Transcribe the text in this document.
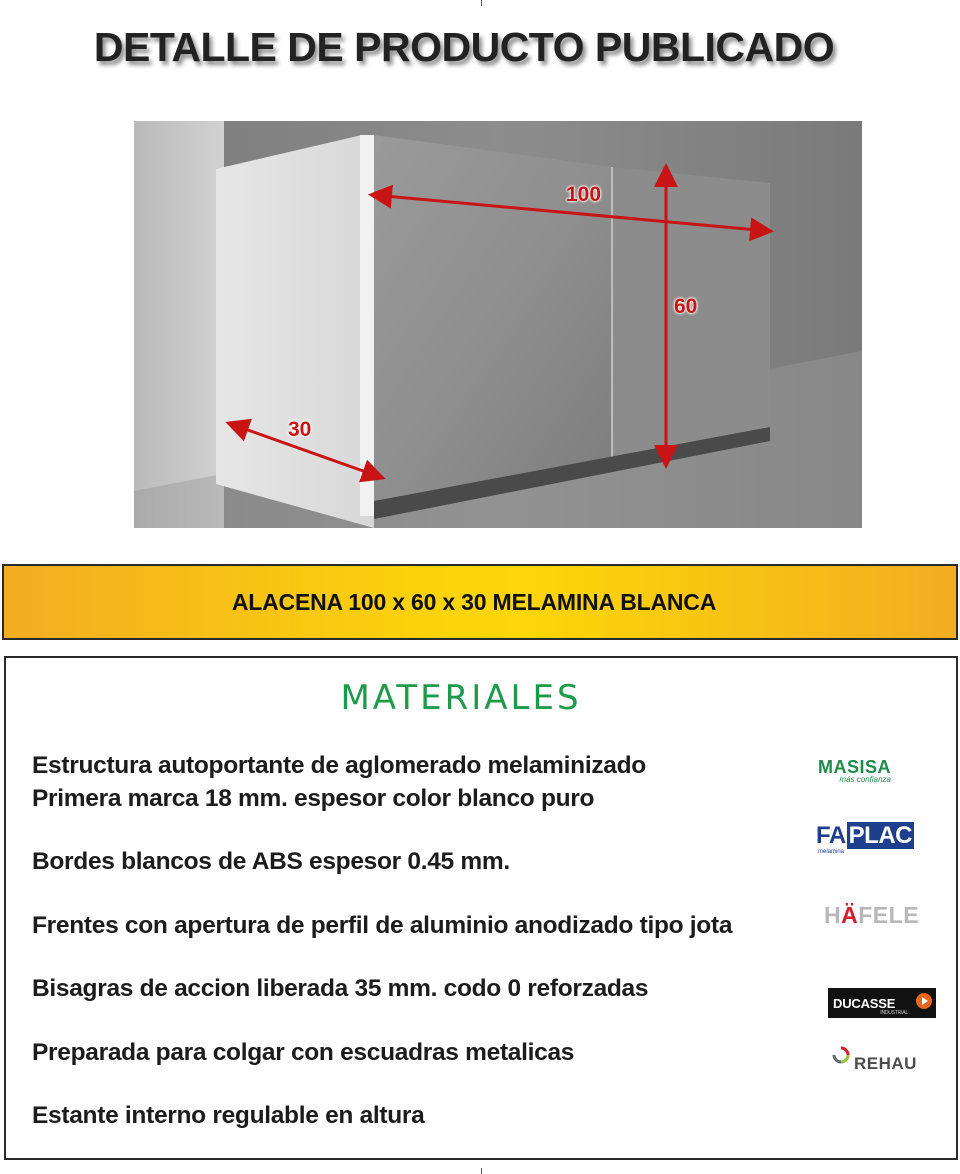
DETALLE DE PRODUCTO PUBLICADO
100
60
30
ALACENA 100 x 60 x 30 MELAMINA BLANCA
MATERIALES
Estructura autoportante de aglomerado melaminizado
Primera marca 18 mm. espesor color blanco puro
Bordes blancos de ABS espesor 0.45 mm.
Frentes con apertura de perfil de aluminio anodizado tipo jota
Bisagras de accion liberada 35 mm. codo 0 reforzadas
Preparada para colgar con escuadras metalicas
Estante interno regulable en altura
MASISA
más confianza
FA PLAC
melamina
HÄFELE
DUCASSE
INDUSTRIAL
REHAU
